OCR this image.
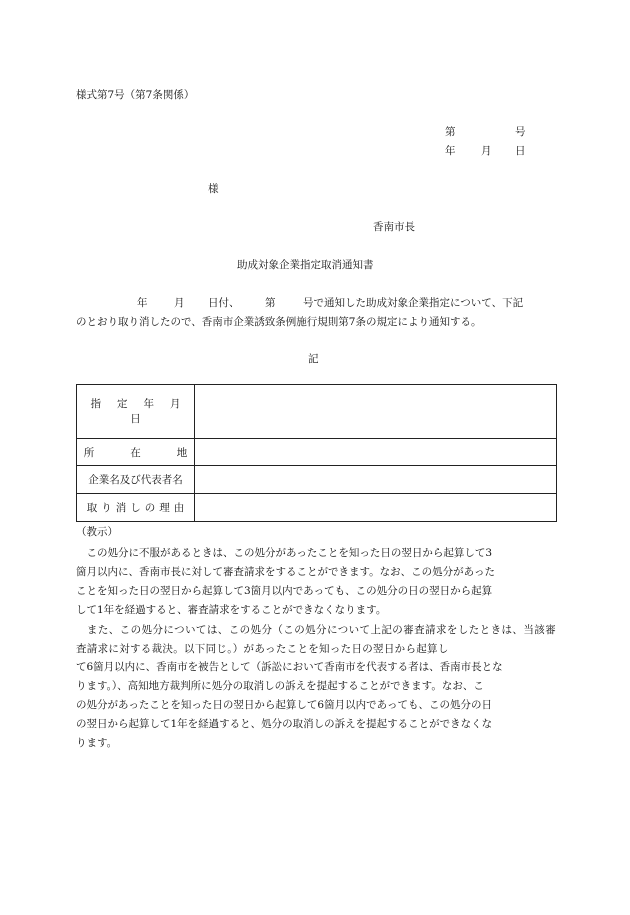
様式第7号（第7条関係）
第	号
年 月 日
様
香南市長
助成対象企業指定取消通知書
年	月 日付、 第	号で通知した助成対象企業指定について、下記
のとおり取り消したので、香南市企業誘致条例施行規則第7条の規定により通知する。
記
指 定 年 月日	
所 在 地	
企業名及び代表者名	
取 り 消 し の 理 由	
（教示）
　この処分に不服があるときは、この処分があったことを知った日の翌日から起算して3
箇月以内に、香南市長に対して審査請求をすることができます。なお、この処分があった
ことを知った日の翌日から起算して3箇月以内であっても、この処分の日の翌日から起算
して1年を経過すると、審査請求をすることができなくなります。
　また、この処分については、この処分（この処分について上記の審査請求をしたときは、当該審査請求に対する裁決。以下同じ。）があったことを知った日の翌日から起算し
て6箇月以内に、香南市を被告として（訴訟において香南市を代表する者は、香南市長とな
ります。）、高知地方裁判所に処分の取消しの訴えを提起することができます。なお、こ
の処分があったことを知った日の翌日から起算して6箇月以内であっても、この処分の日
の翌日から起算して1年を経過すると、処分の取消しの訴えを提起することができなくな
ります。
